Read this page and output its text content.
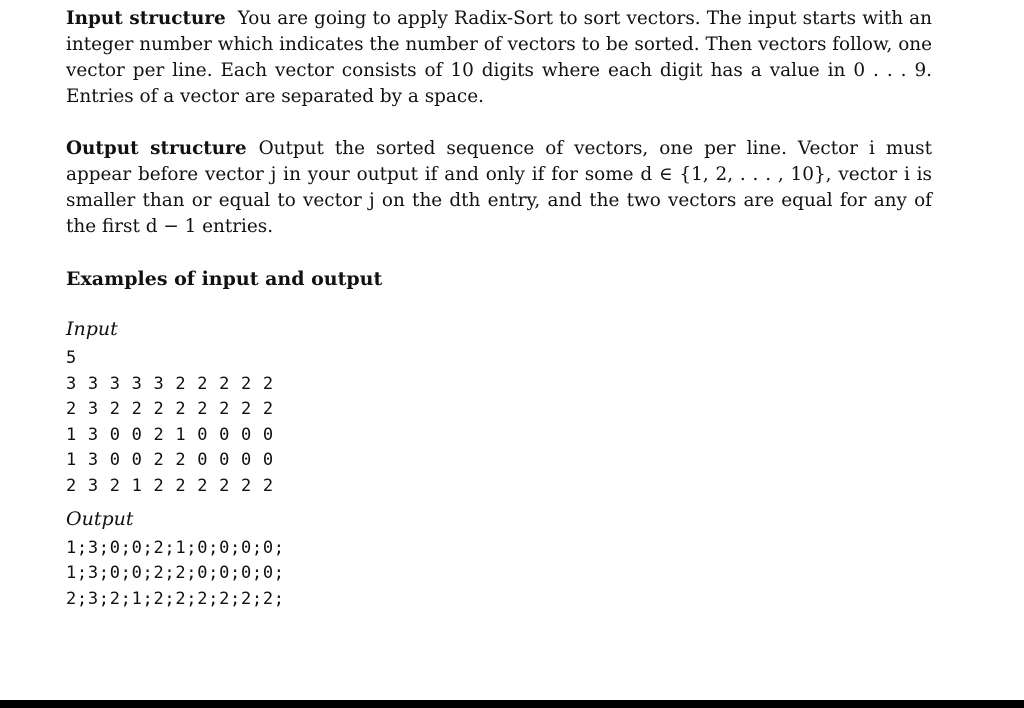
Input structure You are going to apply Radix-Sort to sort vectors. The input starts with an integer number which indicates the number of vectors to be sorted. Then vectors follow, one vector per line. Each vector consists of 10 digits where each digit has a value in 0 . . . 9. Entries of a vector are separated by a space.

Output structure Output the sorted sequence of vectors, one per line. Vector i must appear before vector j in your output if and only if for some d ∈ {1, 2, . . . , 10}, vector i is smaller than or equal to vector j on the dth entry, and the two vectors are equal for any of the first d − 1 entries.

Examples of input and output

Input

5
3 3 3 3 3 2 2 2 2 2
2 3 2 2 2 2 2 2 2 2
1 3 0 0 2 1 0 0 0 0
1 3 0 0 2 2 0 0 0 0
2 3 2 1 2 2 2 2 2 2

Output

1;3;0;0;2;1;0;0;0;0;
1;3;0;0;2;2;0;0;0;0;
2;3;2;1;2;2;2;2;2;2;
